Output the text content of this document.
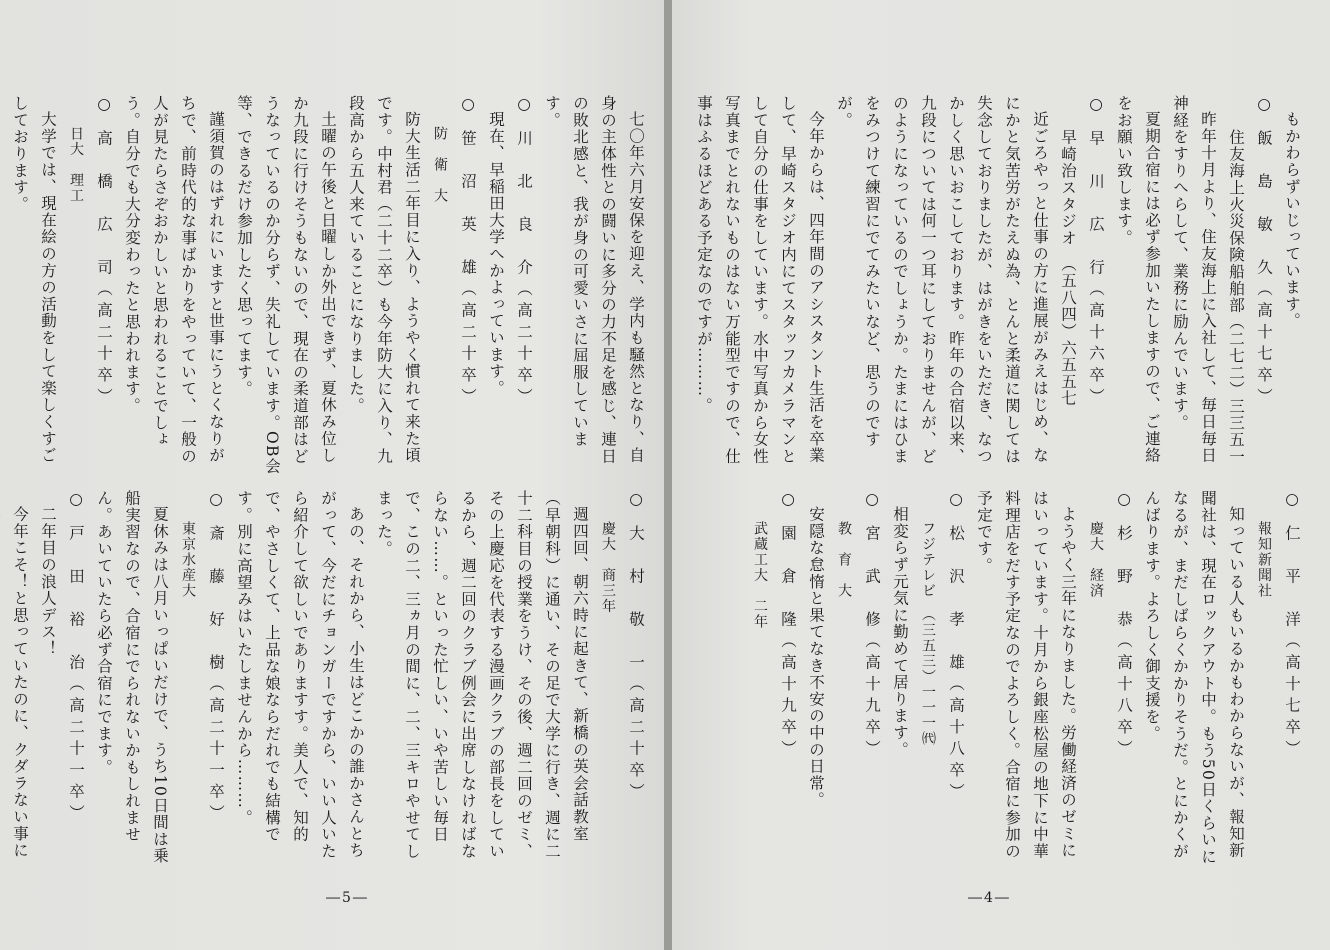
もかわらずいじっています。
○ 飯　島　敏　久（高十七卒）
住友海上火災保険船舶部（二七二）三三五一
昨年十月より、住友海上に入社して、毎日毎日神経をすりへらして、業務に励んでいます。
夏期合宿には必ず参加いたしますので、ご連絡をお願い致します。
○ 早　川　広　行（高十六卒）
早崎治スタジオ　（五八四）六五五七
近ごろやっと仕事の方に進展がみえはじめ、なにかと気苦労がたえぬ為、とんと柔道に関しては失念しておりましたが、はがきをいただき、なつかしく思いおこしております。昨年の合宿以来、九段については何一つ耳にしておりませんが、どのようになっているのでしょうか。たまにはひまをみつけて練習にでてみたいなど、思うのですが。
今年からは、四年間のアシスタント生活を卒業して、早崎スタジオ内にてスタッフカメラマンとして自分の仕事をしています。水中写真から女性写真までとれないものはない万能型ですので、仕事はふるほどある予定なのですが………。
○ 仁　平　洋（高十七卒）
報知新聞社
知っている人もいるかもわからないが、報知新聞社は、現在ロックアウト中。もう50日くらいになるが、まだしばらくかかりそうだ。とにかくがんばります。よろしく御支援を。
○ 杉　野　恭（高十八卒）
慶大　経済
ようやく三年になりました。労働経済のゼミにはいっています。十月から銀座松屋の地下に中華料理店をだす予定なのでよろしく。合宿に参加の予定です。
○ 松　沢　孝　雄（高十八卒）
フジテレビ　（三五三）一一一㈹
相変らず元気に勤めて居ります。
○ 宮　武　修（高十九卒）
教　育　大
安隠な怠惰と果てなき不安の中の日常。
○ 園　倉　隆（高十九卒）
武蔵工大　二年
七〇年六月安保を迎え、学内も騒然となり、自身の主体性との闘いに多分の力不足を感じ、連日の敗北感と、我が身の可愛いさに屈服しています。
○ 川　北　良　介（高二十卒）
現在、早稲田大学へかよっています。
○ 笹　沼　英　雄（高二十卒）
防　衛　大
防大生活二年目に入り、ようやく慣れて来た頃です。中村君（二十二卒）も今年防大に入り、九段高から五人来ていることになりました。
土曜の午後と日曜しか外出できず、夏休み位しか九段に行けそうもないので、現在の柔道部はどうなっているのか分らず、失礼しています。OB会等、できるだけ参加したく思ってます。
謹須賀のはずれにいますと世事にうとくなりがちで、前時代的な事ばかりをやっていて、一般の人が見たらさぞおかしいと思われることでしょう。自分でも大分変わったと思われます。
○ 高　橋　広　司（高二十卒）
日大　理工
大学では、現在絵の方の活動をして楽しくすごしております。
○ 大　村　敬　一（高二十卒）
慶大　商三年
週四回、朝六時に起きて、新橋の英会話教室（早朝科）に通い、その足で大学に行き、週に二十二科目の授業をうけ、その後、週二回のゼミ、その上慶応を代表する漫画クラブの部長をしているから、週二回のクラブ例会に出席しなければならない……。といった忙しい、いや苦しい毎日で、この二、三ヵ月の間に、二、三キロやせてしまった。
あの、それから、小生はどこかの誰かさんとちがって、今だにチョンガーですから、いい人いたら紹介して欲しいでありますす。美人で、知的で、やさしくて、上品な娘ならだれでも結構です。別に高望みはいたしませんから………。
○ 斎　藤　好　樹（高二十一卒）
東京水産大
夏休みは八月いっぱいだけで、うち10日間は乗船実習なので、合宿にでられないかもしれません。あいていたら必ず合宿にでます。
○ 戸　田　裕　治（高二十一卒）
二年目の浪人デス！
今年こそ！と思っていたのに、クダラない事に
―4―
―5―
